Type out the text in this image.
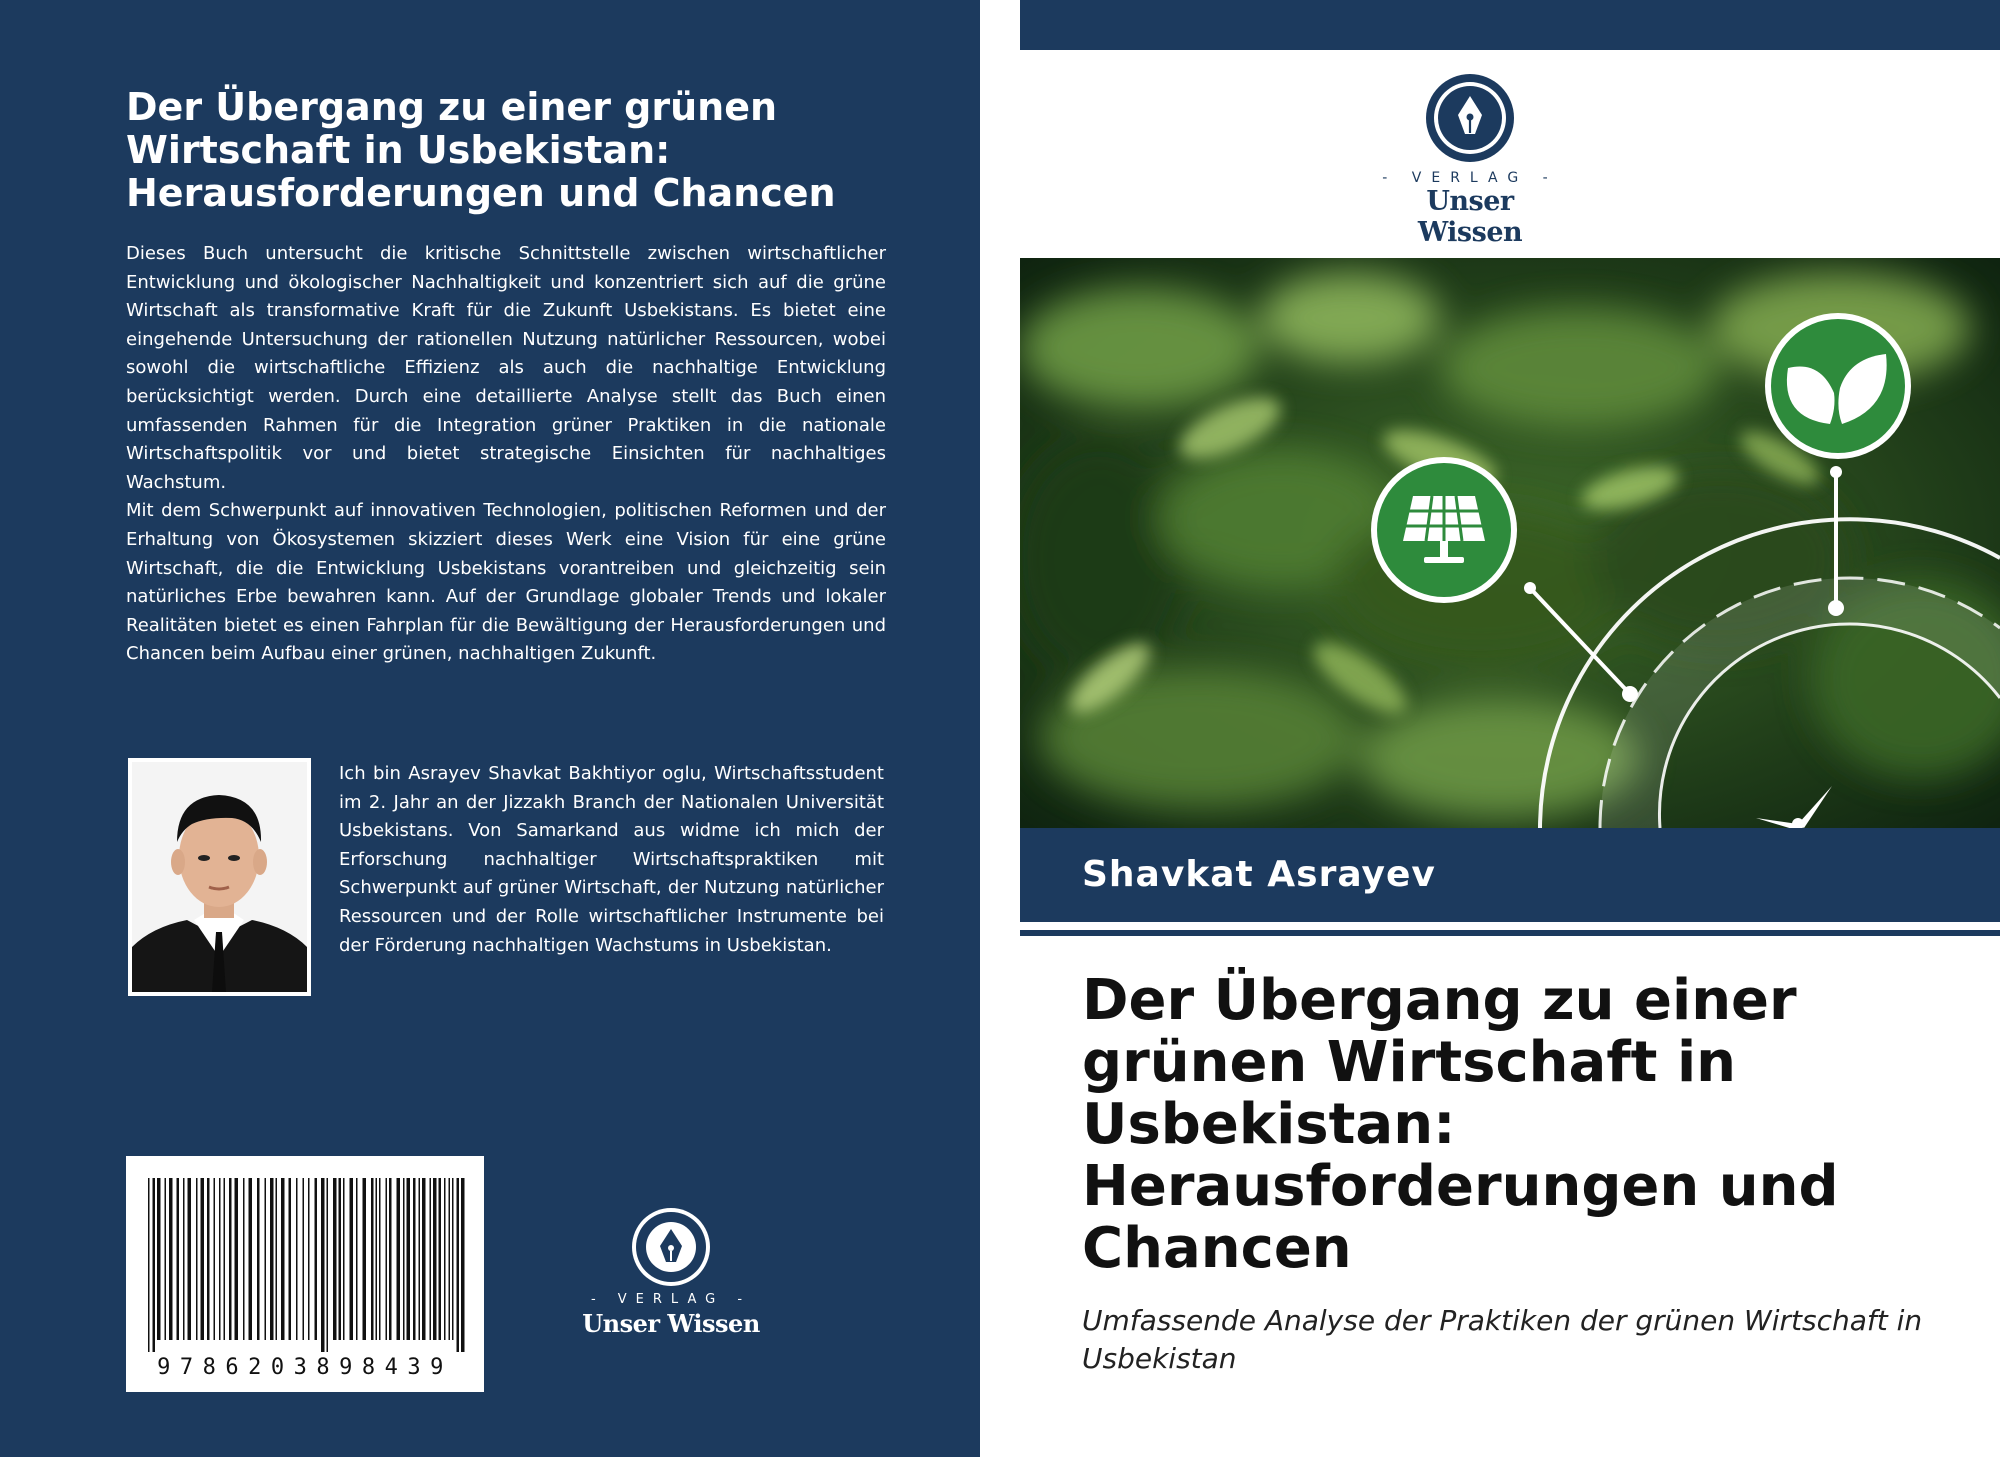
Der Übergang zu einer grünen Wirtschaft in Usbekistan: Herausforderungen und Chancen

Dieses Buch untersucht die kritische Schnittstelle zwischen wirtschaftlicher Entwicklung und ökologischer Nachhaltigkeit und konzentriert sich auf die grüne Wirtschaft als transformative Kraft für die Zukunft Usbekistans. Es bietet eine eingehende Untersuchung der rationellen Nutzung natürlicher Ressourcen, wobei sowohl die wirtschaftliche Effizienz als auch die nachhaltige Entwicklung berücksichtigt werden. Durch eine detaillierte Analyse stellt das Buch einen umfassenden Rahmen für die Integration grüner Praktiken in die nationale Wirtschaftspolitik vor und bietet strategische Einsichten für nachhaltiges Wachstum.

Mit dem Schwerpunkt auf innovativen Technologien, politischen Reformen und der Erhaltung von Ökosystemen skizziert dieses Werk eine Vision für eine grüne Wirtschaft, die die Entwicklung Usbekistans vorantreiben und gleichzeitig sein natürliches Erbe bewahren kann. Auf der Grundlage globaler Trends und lokaler Realitäten bietet es einen Fahrplan für die Bewältigung der Herausforderungen und Chancen beim Aufbau einer grünen, nachhaltigen Zukunft.

Ich bin Asrayev Shavkat Bakhtiyor oglu, Wirtschaftsstudent im 2. Jahr an der Jizzakh Branch der Nationalen Universität Usbekistans. Von Samarkand aus widme ich mich der Erforschung nachhaltiger Wirtschaftspraktiken mit Schwerpunkt auf grüner Wirtschaft, der Nutzung natürlicher Ressourcen und der Rolle wirtschaftlicher Instrumente bei der Förderung nachhaltigen Wachstums in Usbekistan.

9786203898439
- VERLAG -
Unser Wissen
- VERLAG -
Unser Wissen
Shavkat Asrayev
Der Übergang zu einer grünen Wirtschaft in Usbekistan: Herausforderungen und Chancen

Umfassende Analyse der Praktiken der grünen Wirtschaft in Usbekistan
